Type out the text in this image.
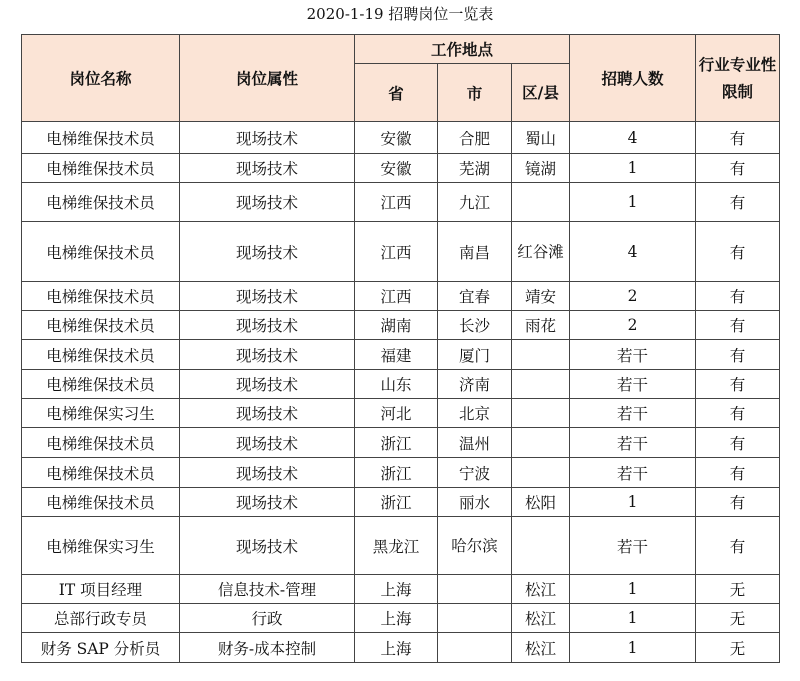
2020-1-19 招聘岗位一览表
岗位名称	岗位属性	工作地点			招聘人数	行业专业性限制
		省	市	区/县		
电梯维保技术员	现场技术	安徽	合肥	蜀山	4	有
电梯维保技术员	现场技术	安徽	芜湖	镜湖	1	有
电梯维保技术员	现场技术	江西	九江		1	有
电梯维保技术员	现场技术	江西	南昌	红谷滩	4	有
电梯维保技术员	现场技术	江西	宜春	靖安	2	有
电梯维保技术员	现场技术	湖南	长沙	雨花	2	有
电梯维保技术员	现场技术	福建	厦门		若干	有
电梯维保技术员	现场技术	山东	济南		若干	有
电梯维保实习生	现场技术	河北	北京		若干	有
电梯维保技术员	现场技术	浙江	温州		若干	有
电梯维保技术员	现场技术	浙江	宁波		若干	有
电梯维保技术员	现场技术	浙江	丽水	松阳	1	有
电梯维保实习生	现场技术	黑龙江	哈尔滨		若干	有
IT 项目经理	信息技术-管理	上海		松江	1	无
总部行政专员	行政	上海		松江	1	无
财务 SAP 分析员	财务-成本控制	上海		松江	1	无
